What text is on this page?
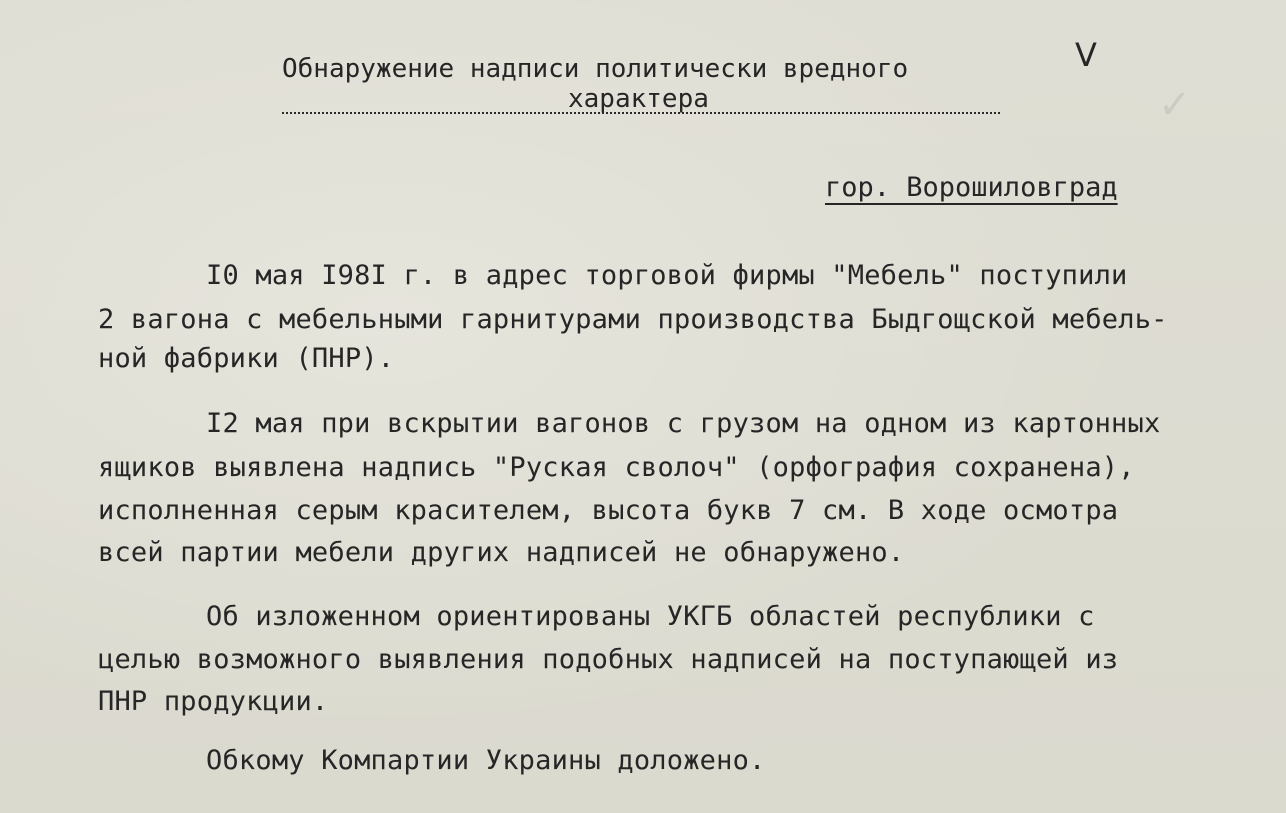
✓
Обнаружение надписи политически вредного
характера
V
гор. Ворошиловград
I0 мая I98I г. в адрес торговой фирмы "Мебель" поступили
2 вагона с мебельными гарнитурами производства Быдгощской мебель-
ной фабрики (ПНР).
I2 мая при вскрытии вагонов с грузом на одном из картонных
ящиков выявлена надпись "Руская сволоч" (орфография сохранена),
исполненная серым красителем, высота букв 7 см. В ходе осмотра
всей партии мебели других надписей не обнаружено.
Об изложенном ориентированы УКГБ областей республики с
целью возможного выявления подобных надписей на поступающей из
ПНР продукции.
Обкому Компартии Украины доложено.
